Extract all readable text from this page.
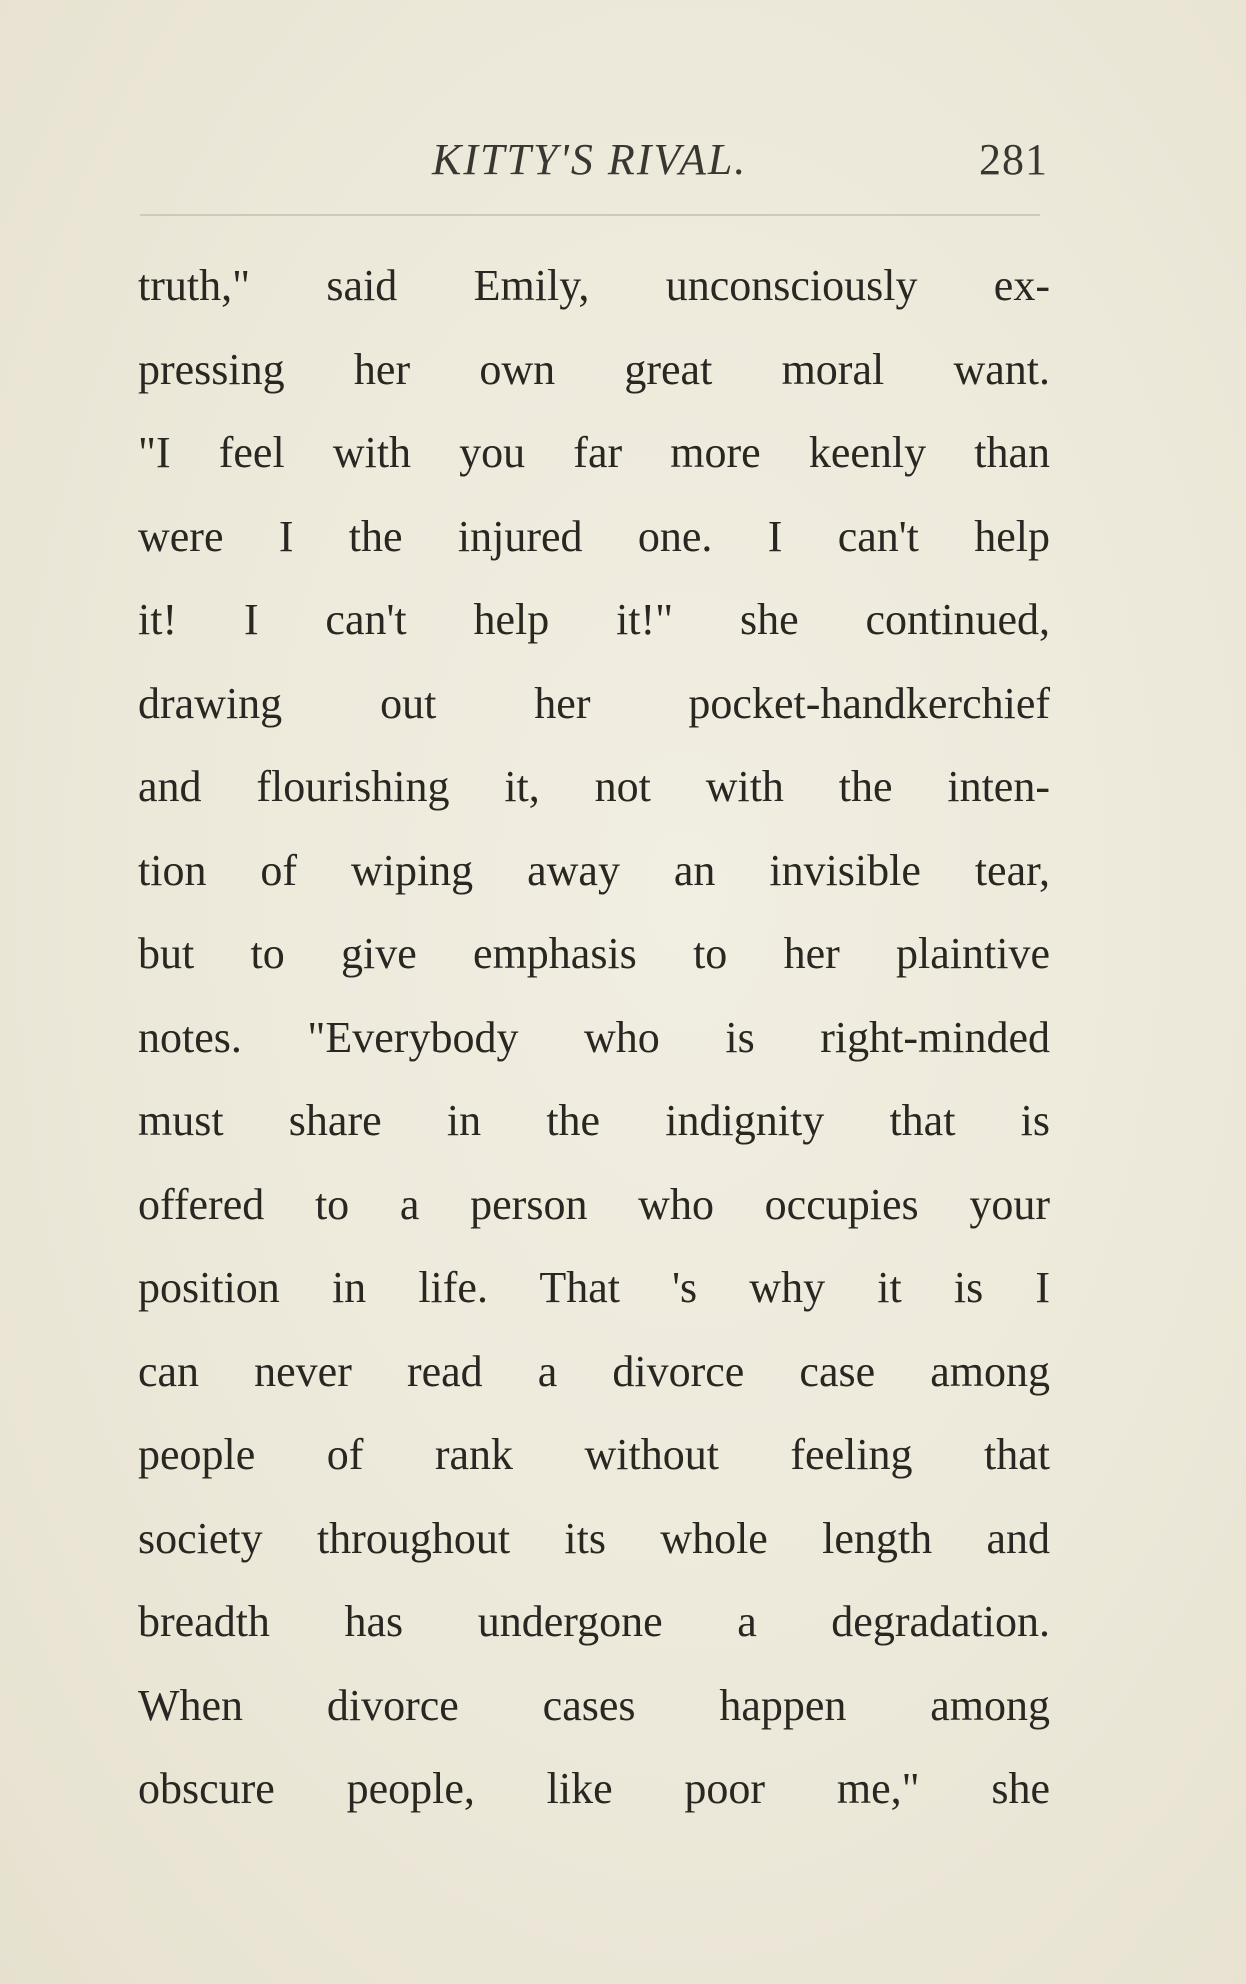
KITTY'S RIVAL.	281
truth," said Emily, unconsciously ex-
pressing her own great moral want.
"I feel with you far more keenly than
were I the injured one. I can't help
it! I can't help it!" she continued,
drawing out her pocket-handkerchief
and flourishing it, not with the inten-
tion of wiping away an invisible tear,
but to give emphasis to her plaintive
notes. "Everybody who is right-minded
must share in the indignity that is
offered to a person who occupies your
position in life. That 's why it is I
can never read a divorce case among
people of rank without feeling that
society throughout its whole length and
breadth has undergone a degradation.
When divorce cases happen among
obscure people, like poor me," she
